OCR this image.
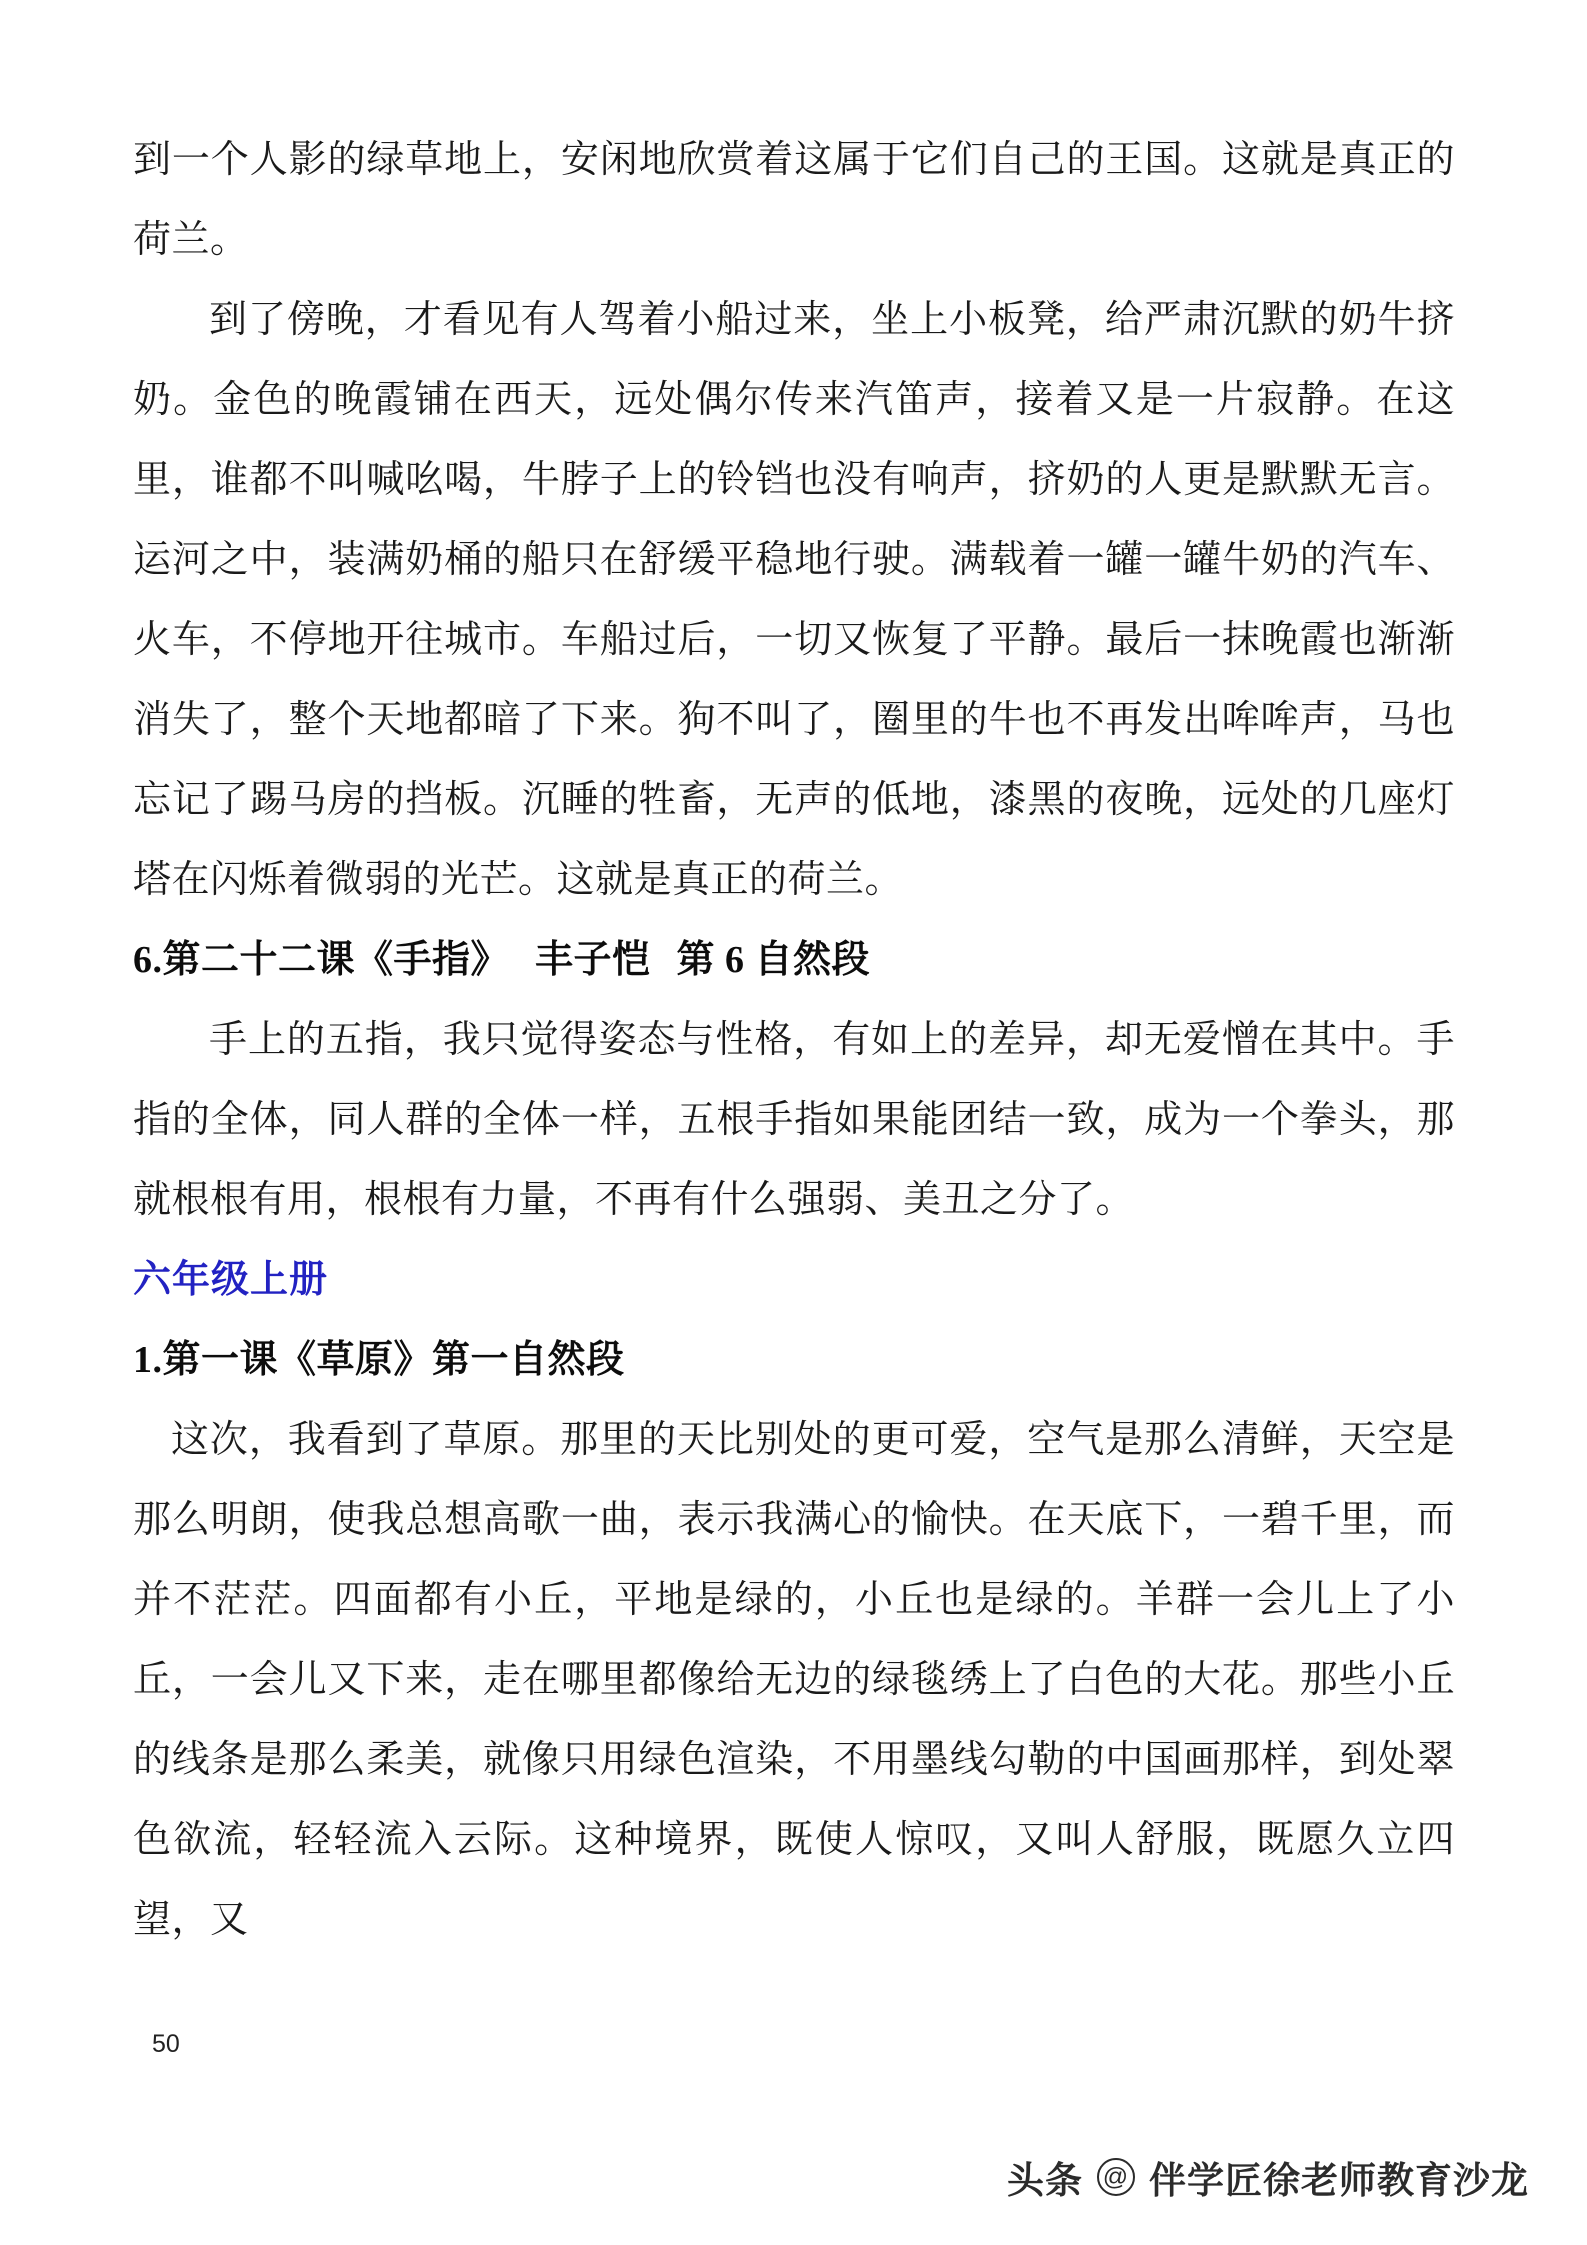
到一个人影的绿草地上，安闲地欣赏着这属于它们自己的王国。这就是真正的荷兰。

到了傍晚，才看见有人驾着小船过来，坐上小板凳，给严肃沉默的奶牛挤奶。金色的晚霞铺在西天，远处偶尔传来汽笛声，接着又是一片寂静。在这里，谁都不叫喊吆喝，牛脖子上的铃铛也没有响声，挤奶的人更是默默无言。运河之中，装满奶桶的船只在舒缓平稳地行驶。满载着一罐一罐牛奶的汽车、火车，不停地开往城市。车船过后，一切又恢复了平静。最后一抹晚霞也渐渐消失了，整个天地都暗了下来。狗不叫了，圈里的牛也不再发出哞哞声，马也忘记了踢马房的挡板。沉睡的牲畜，无声的低地，漆黑的夜晚，远处的几座灯塔在闪烁着微弱的光芒。这就是真正的荷兰。

6.第二十二课《手指》 丰子恺 第 6 自然段

手上的五指，我只觉得姿态与性格，有如上的差异，却无爱憎在其中。手指的全体，同人群的全体一样，五根手指如果能团结一致，成为一个拳头，那就根根有用，根根有力量，不再有什么强弱、美丑之分了。

六年级上册

1.第一课《草原》第一自然段

这次，我看到了草原。那里的天比别处的更可爱，空气是那么清鲜，天空是那么明朗，使我总想高歌一曲，表示我满心的愉快。在天底下，一碧千里，而并不茫茫。四面都有小丘，平地是绿的，小丘也是绿的。羊群一会儿上了小丘，一会儿又下来，走在哪里都像给无边的绿毯绣上了白色的大花。那些小丘的线条是那么柔美，就像只用绿色渲染，不用墨线勾勒的中国画那样，到处翠色欲流，轻轻流入云际。这种境界，既使人惊叹，又叫人舒服，既愿久立四望，又

50
头条 @ 伴学匠徐老师教育沙龙
